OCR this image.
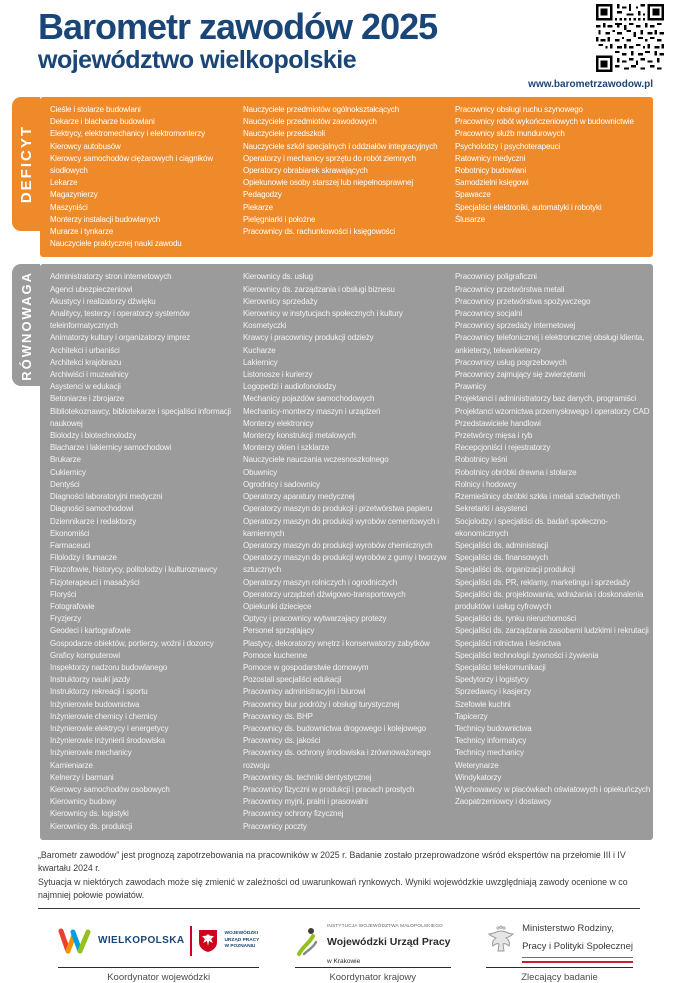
Barometr zawodów 2025
województwo wielkopolskie
www.barometrzawodow.pl
DEFICYT
Cieśle i stolarze budowlani
Dekarze i blacharze budowlani
Elektrycy, elektromechanicy i elektromonterzy
Kierowcy autobusów
Kierowcy samochodów ciężarowych i ciągników siodłowych
Lekarze
Magazynierzy
Maszyniści
Monterzy instalacji budowlanych
Murarze i tynkarze
Nauczyciele praktycznej nauki zawodu
Nauczyciele przedmiotów ogólnokształcących
Nauczyciele przedmiotów zawodowych
Nauczyciele przedszkoli
Nauczyciele szkół specjalnych i oddziałów integracyjnych
Operatorzy i mechanicy sprzętu do robót ziemnych
Operatorzy obrabiarek skrawających
Opiekunowie osoby starszej lub niepełnosprawnej
Pedagodzy
Piekarze
Pielęgniarki i położne
Pracownicy ds. rachunkowości i księgowości
Pracownicy obsługi ruchu szynowego
Pracownicy robót wykończeniowych w budownictwie
Pracownicy służb mundurowych
Psycholodzy i psychoterapeuci
Ratownicy medyczni
Robotnicy budowlani
Samodzielni księgowi
Spawacze
Specjaliści elektroniki, automatyki i robotyki
Ślusarze
RÓWNOWAGA Administratorzy stron internetowych
Agenci ubezpieczeniowi
Akustycy i realizatorzy dźwięku
Analitycy, testerzy i operatorzy systemów teleinformatycznych
Animatorzy kultury i organizatorzy imprez
Architekci i urbaniści
Architekci krajobrazu
Archiwiści i muzealnicy
Asystenci w edukacji
Betoniarze i zbrojarze
Bibliotekoznawcy, bibliotekarze i specjaliści informacji naukowej
Biolodzy i biotechnolodzy
Blacharze i lakiernicy samochodowi
Brukarze
Cukiernicy
Dentyści
Diagności laboratoryjni medyczni
Diagności samochodowi
Dziennikarze i redaktorzy
Ekonomiści
Farmaceuci
Filolodzy i tłumacze
Filozofowie, historycy, politolodzy i kulturoznawcy
Fizjoterapeuci i masażyści
Floryści
Fotografowie
Fryzjerzy
Geodeci i kartografowie
Gospodarze obiektów, portierzy, woźni i dozorcy
Graficy komputerowi
Inspektorzy nadzoru budowlanego
Instruktorzy nauki jazdy
Instruktorzy rekreacji i sportu
Inżynierowie budownictwa
Inżynierowie chemicy i chemicy
Inżynierowie elektrycy i energetycy
Inżynierowie inżynierii środowiska
Inżynierowie mechanicy
Kamieniarze
Kelnerzy i barmani
Kierowcy samochodów osobowych
Kierownicy budowy
Kierownicy ds. logistyki
Kierownicy ds. produkcji
Kierownicy ds. usług
Kierownicy ds. zarządzania i obsługi biznesu
Kierownicy sprzedaży
Kierownicy w instytucjach społecznych i kultury
Kosmetyczki
Krawcy i pracownicy produkcji odzieży
Kucharze
Lakiernicy
Listonosze i kurierzy
Logopedzi i audiofonolodzy
Mechanicy pojazdów samochodowych
Mechanicy-monterzy maszyn i urządzeń
Monterzy elektronicy
Monterzy konstrukcji metalowych
Monterzy okien i szklarze
Nauczyciele nauczania wczesnoszkolnego
Obuwnicy
Ogrodnicy i sadownicy
Operatorzy aparatury medycznej
Operatorzy maszyn do produkcji i przetwórstwa papieru
Operatorzy maszyn do produkcji wyrobów cementowych i kamiennych
Operatorzy maszyn do produkcji wyrobów chemicznych
Operatorzy maszyn do produkcji wyrobów z gumy i tworzyw sztucznych
Operatorzy maszyn rolniczych i ogrodniczych
Operatorzy urządzeń dźwigowo-transportowych
Opiekunki dziecięce
Optycy i pracownicy wytwarzający protezy
Personel sprzątający
Plastycy, dekoratorzy wnętrz i konserwatorzy zabytków
Pomoce kuchenne
Pomoce w gospodarstwie domowym
Pozostali specjaliści edukacji
Pracownicy administracyjni i biurowi
Pracownicy biur podróży i obsługi turystycznej
Pracownicy ds. BHP
Pracownicy ds. budownictwa drogowego i kolejowego
Pracownicy ds. jakości
Pracownicy ds. ochrony środowiska i zrównoważonego rozwoju
Pracownicy ds. techniki dentystycznej
Pracownicy fizyczni w produkcji i pracach prostych
Pracownicy myjni, pralni i prasowalni
Pracownicy ochrony fizycznej
Pracownicy poczty
Pracownicy poligraficzni
Pracownicy przetwórstwa metali
Pracownicy przetwórstwa spożywczego
Pracownicy socjalni
Pracownicy sprzedaży internetowej
Pracownicy telefonicznej i elektronicznej obsługi klienta, ankieterzy, teleankieterzy
Pracownicy usług pogrzebowych
Pracownicy zajmujący się zwierzętami
Prawnicy
Projektanci i administratorzy baz danych, programiści
Projektanci wzornictwa przemysłowego i operatorzy CAD
Przedstawiciele handlowi
Przetwórcy mięsa i ryb
Recepcjoniści i rejestratorzy
Robotnicy leśni
Robotnicy obróbki drewna i stolarze
Rolnicy i hodowcy
Rzemieślnicy obróbki szkła i metali szlachetnych
Sekretarki i asystenci
Socjolodzy i specjaliści ds. badań społeczno-ekonomicznych
Specjaliści ds. administracji
Specjaliści ds. finansowych
Specjaliści ds. organizacji produkcji
Specjaliści ds. PR, reklamy, marketingu i sprzedaży
Specjaliści ds. projektowania, wdrażania i doskonalenia produktów i usług cyfrowych
Specjaliści ds. rynku nieruchomości
Specjaliści ds. zarządzania zasobami ludzkimi i rekrutacji
Specjaliści rolnictwa i leśnictwa
Specjaliści technologii żywności i żywienia
Specjaliści telekomunikacji
Spedytorzy i logistycy
Sprzedawcy i kasjerzy
Szefowie kuchni
Tapicerzy
Technicy budownictwa
Technicy informatycy
Technicy mechanicy
Weterynarze
Windykatorzy
Wychowawcy w placówkach oświatowych i opiekuńczych
Zaopatrzeniowcy i dostawcy

„Barometr zawodów” jest prognozą zapotrzebowania na pracowników w 2025 r. Badanie zostało przeprowadzone wśród ekspertów na przełomie III i IV kwartału 2024 r.
Sytuacja w niektórych zawodach może się zmienić w zależności od uwarunkowań rynkowych. Wyniki wojewódzkie uwzględniają zawody ocenione w co najmniej połowie powiatów.

WIELKOPOLSKA
WOJEWÓDZKI
URZĄD PRACY
W POZNANIU
Koordynator wojewódzki
INSTYTUCJA WOJEWÓDZTWA MAŁOPOLSKIEGO
Wojewódzki Urząd Pracy
w Krakowie
Koordynator krajowy
Ministerstwo Rodziny,
Pracy i Polityki Społecznej
Zlecający badanie
